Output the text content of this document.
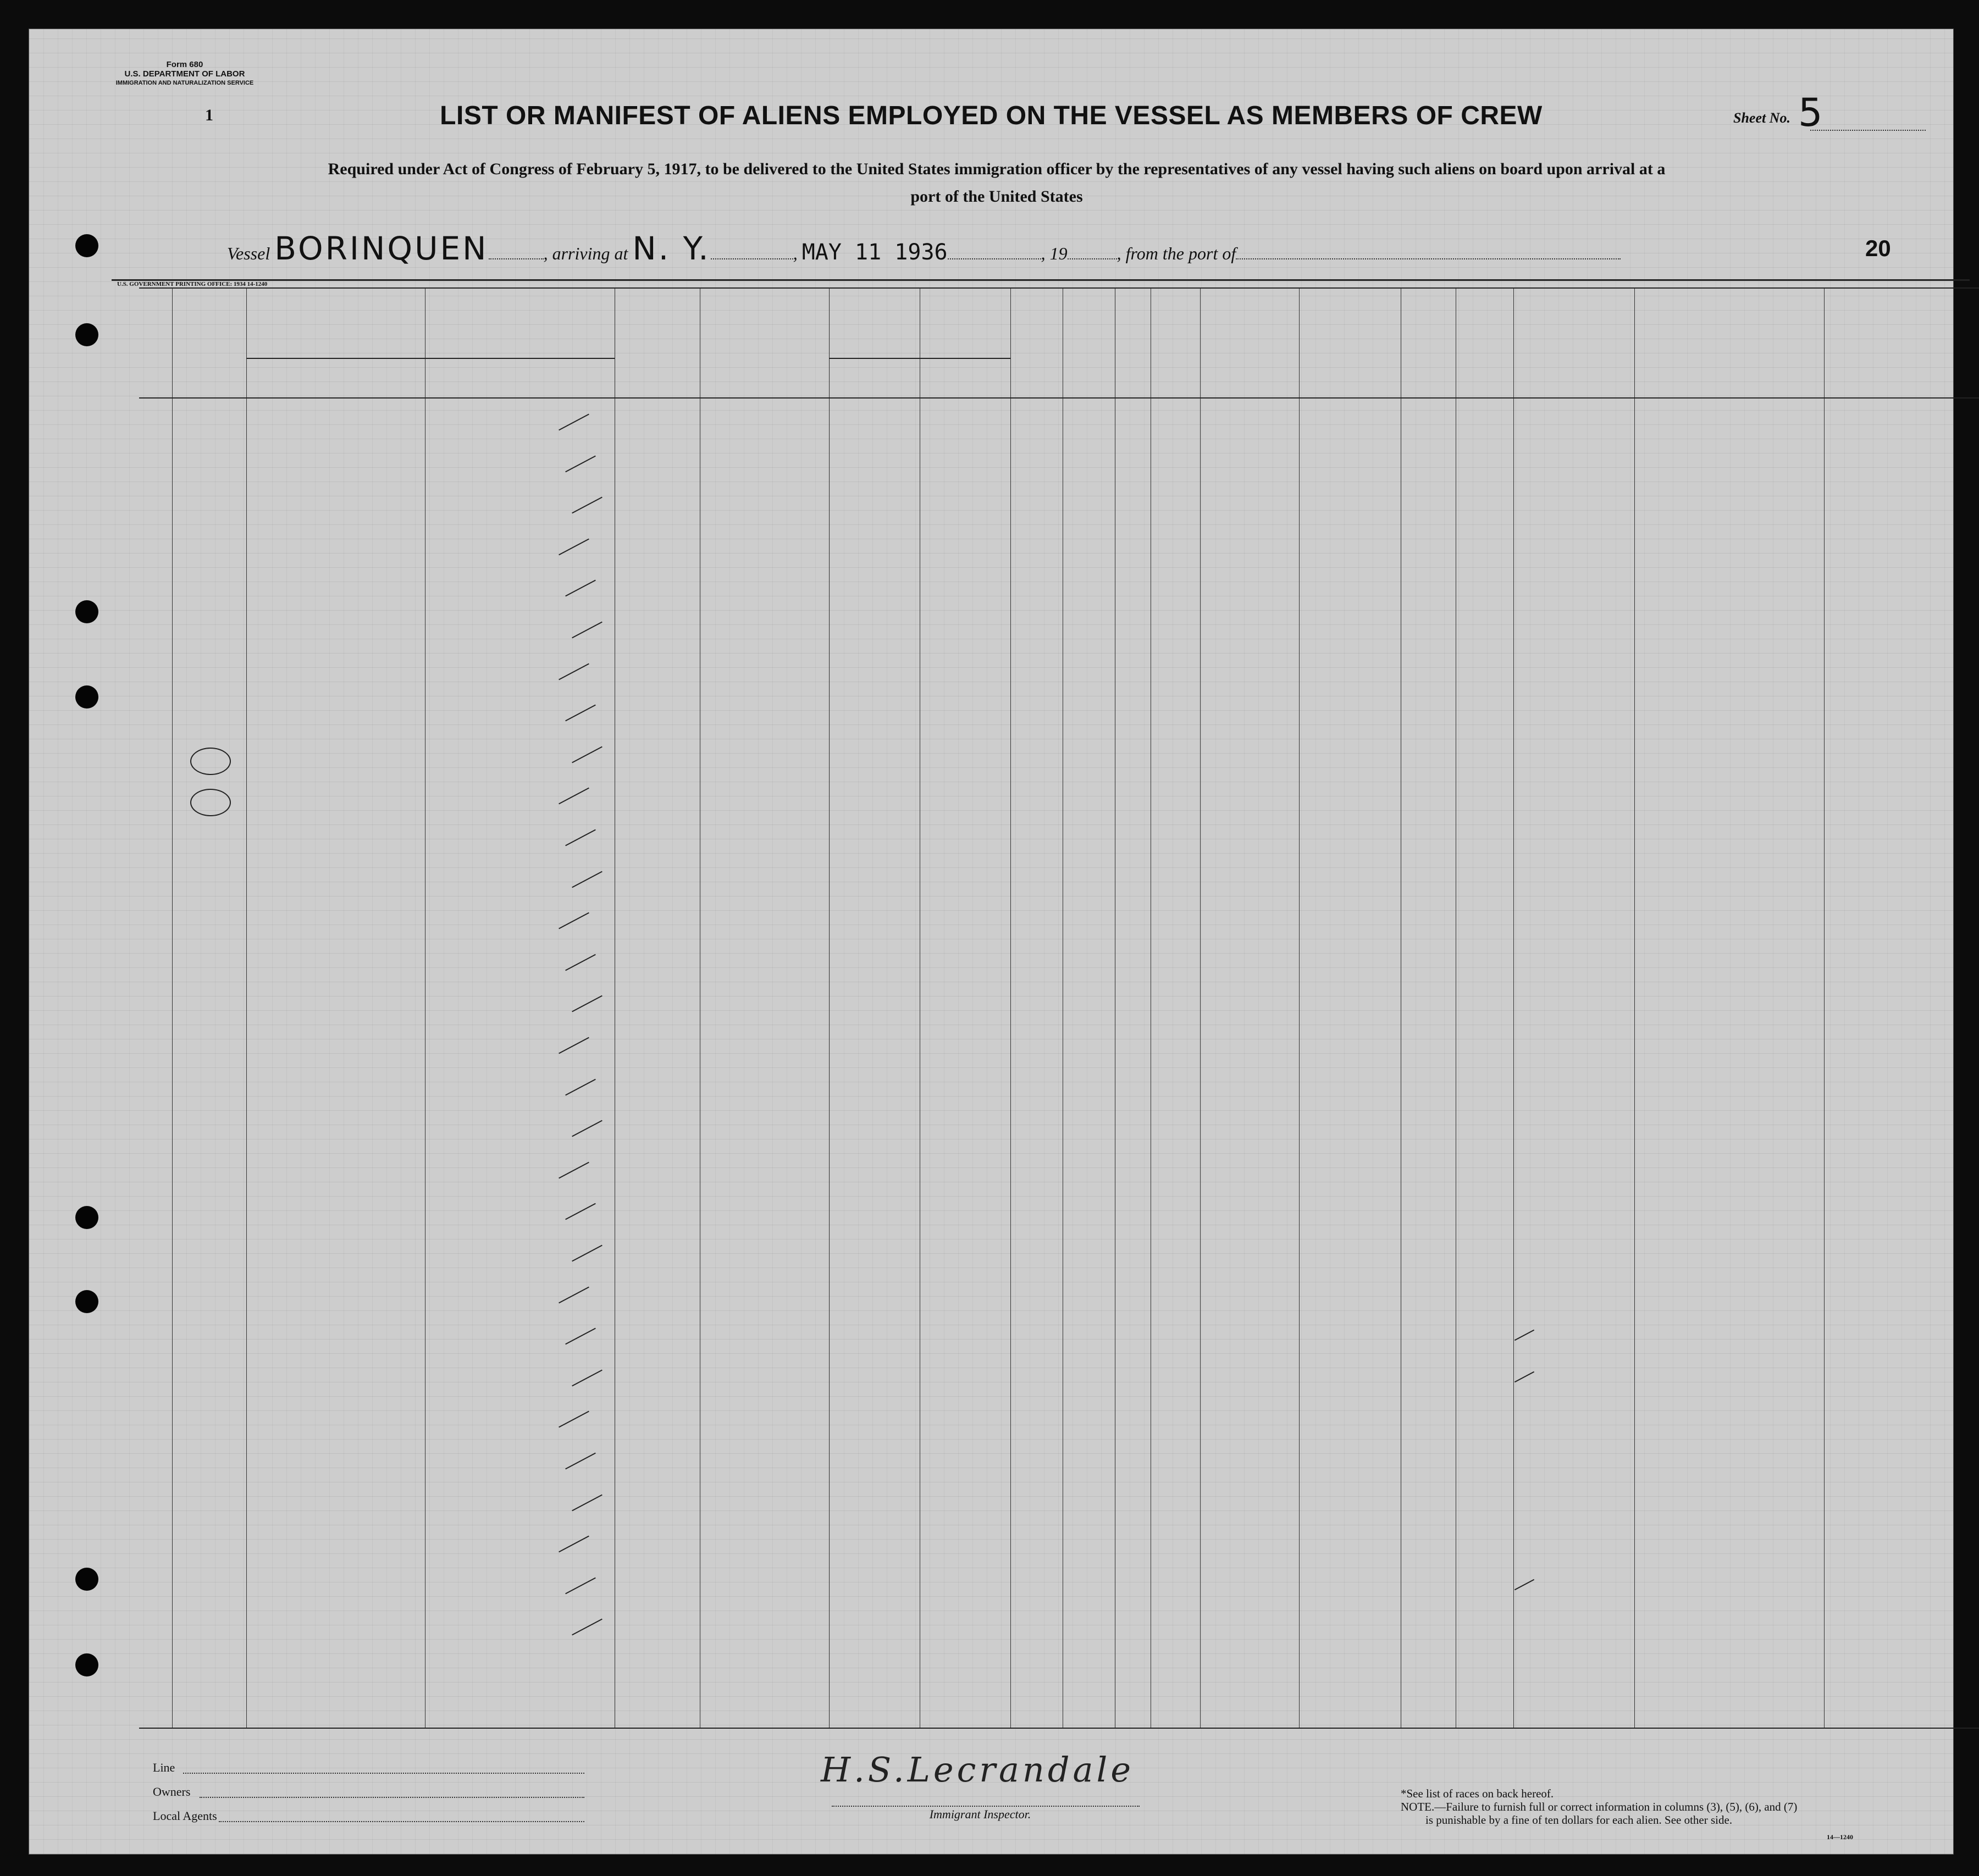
Form 680
U.S. DEPARTMENT OF LABOR
IMMIGRATION AND NATURALIZATION SERVICE
1	LIST OR MANIFEST OF ALIENS EMPLOYED ON THE VESSEL AS MEMBERS OF CREW	Sheet No. 5
Required under Act of Congress of February 5, 1917, to be delivered to the United States immigration officer by the representatives of any vessel having such aliens on board upon arrival at a
port of the United States
Vessel BORINQUEN	, arriving at N. Y.	, MAY 11 1936	, 19	, from the port of	20
U.S. GOVERNMENT PRINTING OFFICE: 1934 14-1240
Line
Owners
Local Agents
H.S.Lecrandale
Immigrant Inspector.
*See list of races on back hereof.
NOTE.—Failure to furnish full or correct information in columns (3), (5), (6), and (7)
is punishable by a fine of ten dollars for each alien. See other side.
14—1240
